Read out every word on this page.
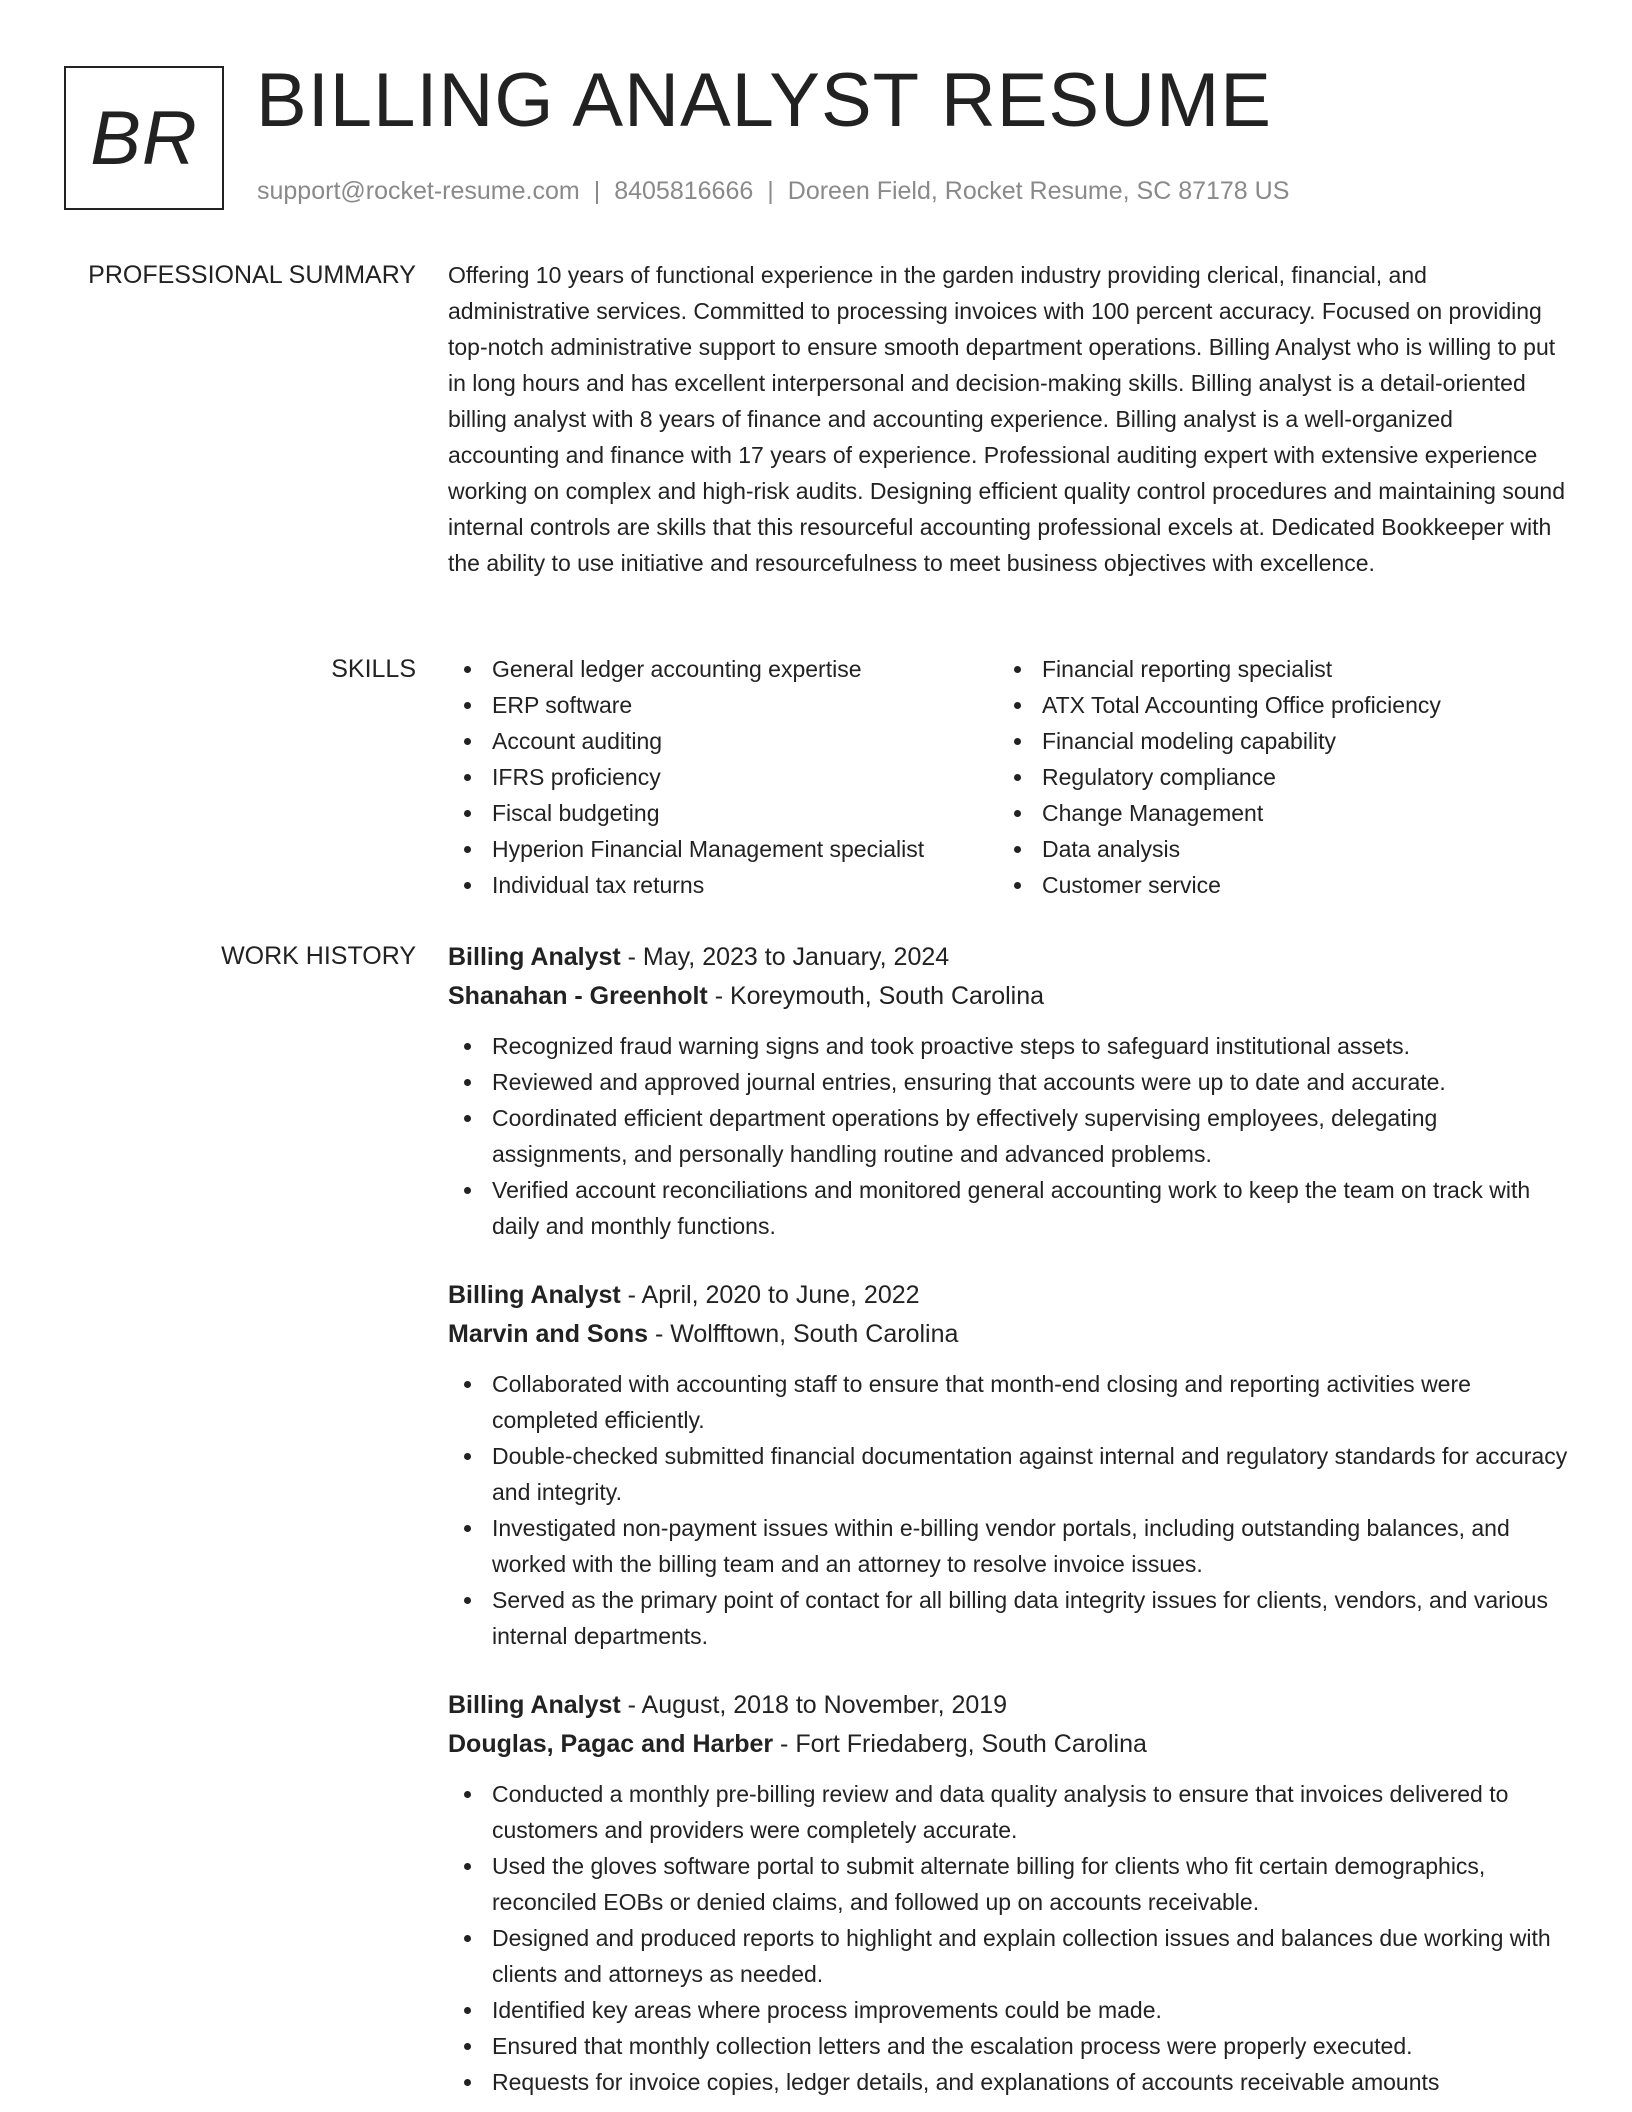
BR BILLING ANALYST RESUME
support@rocket-resume.com | 8405816666 | Doreen Field, Rocket Resume, SC 87178 US
PROFESSIONAL SUMMARY Offering 10 years of functional experience in the garden industry providing clerical, financial, and administrative services. Committed to processing invoices with 100 percent accuracy. Focused on providing top-notch administrative support to ensure smooth department operations. Billing Analyst who is willing to put in long hours and has excellent interpersonal and decision-making skills. Billing analyst is a detail-oriented billing analyst with 8 years of finance and accounting experience. Billing analyst is a well-organized accounting and finance with 17 years of experience. Professional auditing expert with extensive experience working on complex and high-risk audits. Designing efficient quality control procedures and maintaining sound internal controls are skills that this resourceful accounting professional excels at. Dedicated Bookkeeper with the ability to use initiative and resourcefulness to meet business objectives with excellence.

SKILLS	General ledger accounting expertise
ERP software
Account auditing
IFRS proficiency
Fiscal budgeting
Hyperion Financial Management specialist
Individual tax returns
Financial reporting specialist
ATX Total Accounting Office proficiency
Financial modeling capability
Regulatory compliance
Change Management
Data analysis
Customer service
WORK HISTORY Billing Analyst - May, 2023 to January, 2024
Shanahan - Greenholt - Koreymouth, South Carolina
Recognized fraud warning signs and took proactive steps to safeguard institutional assets.
Reviewed and approved journal entries, ensuring that accounts were up to date and accurate.
Coordinated efficient department operations by effectively supervising employees, delegating assignments, and personally handling routine and advanced problems.
Verified account reconciliations and monitored general accounting work to keep the team on track with daily and monthly functions.
Billing Analyst - April, 2020 to June, 2022
Marvin and Sons - Wolfftown, South Carolina
Collaborated with accounting staff to ensure that month-end closing and reporting activities were completed efficiently.
Double-checked submitted financial documentation against internal and regulatory standards for accuracy and integrity.
Investigated non-payment issues within e-billing vendor portals, including outstanding balances, and worked with the billing team and an attorney to resolve invoice issues.
Served as the primary point of contact for all billing data integrity issues for clients, vendors, and various internal departments.
Billing Analyst - August, 2018 to November, 2019
Douglas, Pagac and Harber - Fort Friedaberg, South Carolina
Conducted a monthly pre-billing review and data quality analysis to ensure that invoices delivered to customers and providers were completely accurate.
Used the gloves software portal to submit alternate billing for clients who fit certain demographics, reconciled EOBs or denied claims, and followed up on accounts receivable.
Designed and produced reports to highlight and explain collection issues and balances due working with clients and attorneys as needed.
Identified key areas where process improvements could be made.
Ensured that monthly collection letters and the escalation process were properly executed.
Requests for invoice copies, ledger details, and explanations of accounts receivable amounts
